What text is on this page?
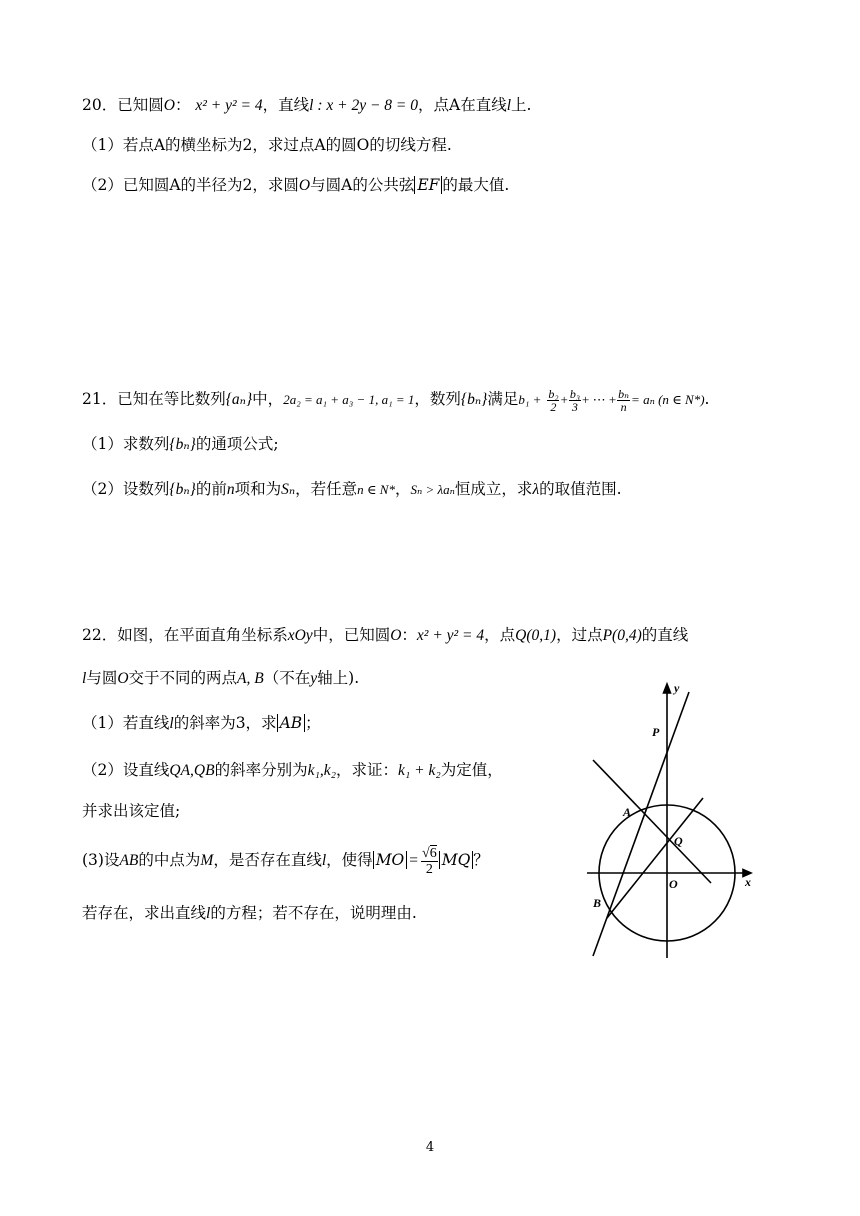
20．已知圆O： x² + y² = 4，直线l : x + 2y − 8 = 0，点A在直线l上.
（1）若点A的横坐标为2，求过点A的圆O的切线方程.
（2）已知圆A的半径为2，求圆O与圆A的公共弦 EF 的最大值.
21．已知在等比数列{aₙ}中，2a₂ = a₁ + a₃ − 1, a₁ = 1，数列{bₙ}满足$b_1 + \frac{\text{b₂}}{2} + \frac{\text{b₃}}{3}$ + ⋯ + $\frac{\text{bₙ}}{n} = a_n$ (n ∈ N*).
（1）求数列{bₙ}的通项公式;
（2）设数列{bₙ}的前n项和为Sₙ，若任意n ∈ N*，Sₙ > λaₙ恒成立，求λ的取值范围.
22．如图，在平面直角坐标系xOy中，已知圆O：x² + y² = 4，点Q(0,1)，过点P(0,4)的直线
l与圆O交于不同的两点A, B（不在y轴上).
（1）若直线l的斜率为3，求 AB ；
（2）设直线QA,QB的斜率分别为k₁,k₂，求证：k₁ + k₂为定值，
并求出该定值;
(3)设AB的中点为M，是否存在直线l，使得 MO = $\frac{√6}{2}$ MQ ？
若存在，求出直线l的方程；若不存在，说明理由.
y
x
P
A
Q
O
B
4
